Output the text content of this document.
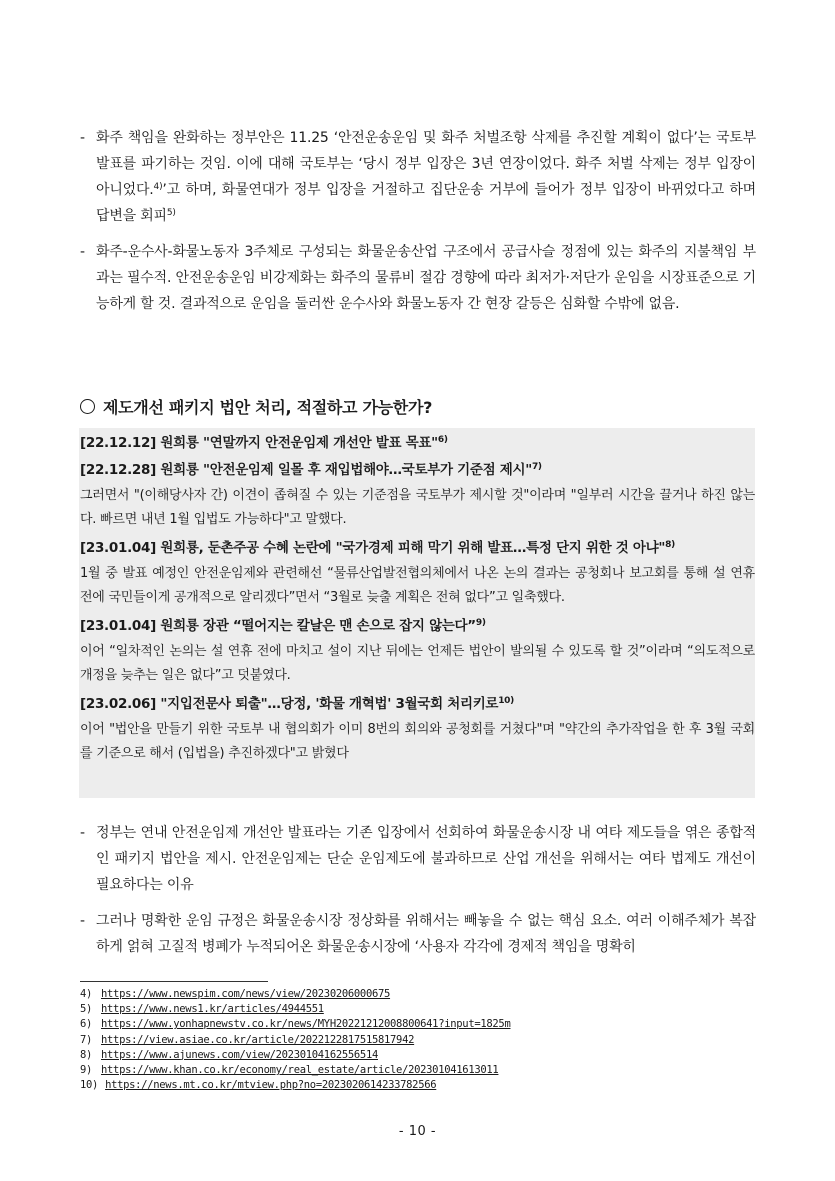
- 화주 책임을 완화하는 정부안은 11.25 ‘안전운송운임 및 화주 처벌조항 삭제를 추진할 계획이 없다’는 국토부 발표를 파기하는 것임. 이에 대해 국토부는 ‘당시 정부 입장은 3년 연장이었다. 화주 처벌 삭제는 정부 입장이 아니었다.$^{4)}$’고 하며, 화물연대가 정부 입장을 거절하고 집단운송 거부에 들어가 정부 입장이 바뀌었다고 하며 답변을 회피$^{5)}$
- 화주-운수사-화물노동자 3주체로 구성되는 화물운송산업 구조에서 공급사슬 정점에 있는 화주의 지불책임 부과는 필수적. 안전운송운임 비강제화는 화주의 물류비 절감 경향에 따라 최저가·저단가 운임을 시장표준으로 기능하게 할 것. 결과적으로 운임을 둘러싼 운수사와 화물노동자 간 현장 갈등은 심화할 수밖에 없음.
제도개선 패키지 법안 처리, 적절하고 가능한가?
[22.12.12] 원희룡 "연말까지 안전운임제 개선안 발표 목표"$^{6)}$
[22.12.28] 원희룡 "안전운임제 일몰 후 재입법해야…국토부가 기준점 제시"$^{7)}$
그러면서 "(이해당사자 간) 이견이 좁혀질 수 있는 기준점을 국토부가 제시할 것"이라며 "일부러 시간을 끌거나 하진 않는다. 빠르면 내년 1월 입법도 가능하다"고 말했다.
[23.01.04] 원희룡, 둔촌주공 수혜 논란에 "국가경제 피해 막기 위해 발표…특정 단지 위한 것 아냐"$^{8)}$
1월 중 발표 예정인 안전운임제와 관련해선 “물류산업발전협의체에서 나온 논의 결과는 공청회나 보고회를 통해 설 연휴 전에 국민들이게 공개적으로 알리겠다”면서 “3월로 늦출 계획은 전혀 없다”고 일축했다.
[23.01.04] 원희룡 장관 “떨어지는 칼날은 맨 손으로 잡지 않는다”$^{9)}$
이어 “일차적인 논의는 설 연휴 전에 마치고 설이 지난 뒤에는 언제든 법안이 발의될 수 있도록 할 것”이라며 “의도적으로 개정을 늦추는 일은 없다”고 덧붙였다.
[23.02.06] "지입전문사 퇴출"…당정, '화물 개혁법' 3월국회 처리키로$^{10)}$
이어 "법안을 만들기 위한 국토부 내 협의회가 이미 8번의 회의와 공청회를 거쳤다"며 "약간의 추가작업을 한 후 3월 국회를 기준으로 해서 (입법을) 추진하겠다"고 밝혔다
- 정부는 연내 안전운임제 개선안 발표라는 기존 입장에서 선회하여 화물운송시장 내 여타 제도들을 엮은 종합적인 패키지 법안을 제시. 안전운임제는 단순 운임제도에 불과하므로 산업 개선을 위해서는 여타 법제도 개선이 필요하다는 이유
- 그러나 명확한 운임 규정은 화물운송시장 정상화를 위해서는 빼놓을 수 없는 핵심 요소. 여러 이해주체가 복잡하게 얽혀 고질적 병폐가 누적되어온 화물운송시장에 ‘사용자 각각에 경제적 책임을 명확히
4) https://www.newspim.com/news/view/20230206000675
5) https://www.news1.kr/articles/4944551
6) https://www.yonhapnewstv.co.kr/news/MYH20221212008800641?input=1825m
7) https://view.asiae.co.kr/article/2022122817515817942
8) https://www.ajunews.com/view/20230104162556514
9) https://www.khan.co.kr/economy/real_estate/article/202301041613011
10) https://news.mt.co.kr/mtview.php?no=2023020614233782566
- 10 -
